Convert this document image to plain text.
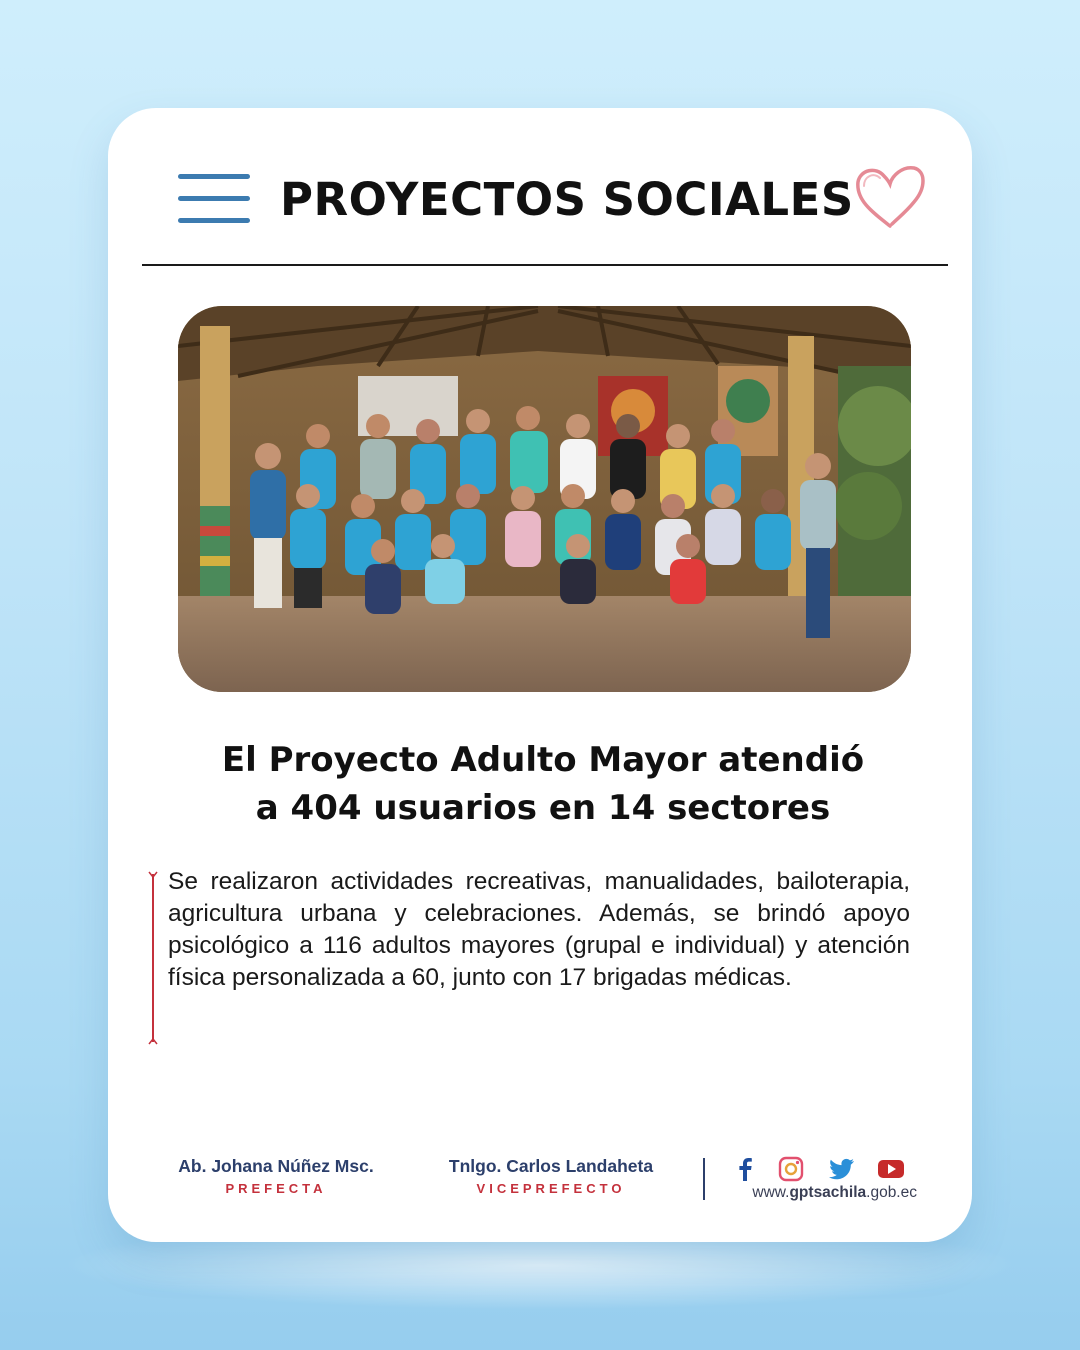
PROYECTOS SOCIALES
El Proyecto Adulto Mayor atendió
a 404 usuarios en 14 sectores
Se realizaron actividades recreativas, manualidades, bailoterapia, agricultura urbana y celebraciones. Además, se brindó apoyo psicológico a 116 adultos mayores (grupal e individual) y atención física personalizada a 60, junto con 17 brigadas médicas.
Ab. Johana Núñez Msc.
PREFECTA
Tnlgo. Carlos Landaheta
VICEPREFECTO	www.gptsachila.gob.ec
